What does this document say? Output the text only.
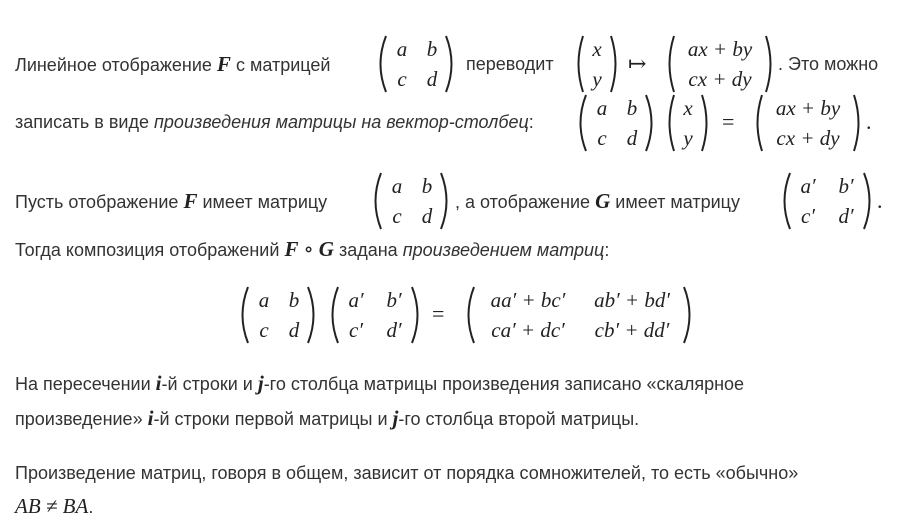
Линейное отображение F с матрицей
a b
c d
переводит
x
y
↦
ax + by
cx + dy
. Это можно
записать в виде произведения матрицы на вектор-столбец:
a b
c d
x
y
=
ax + by
cx + dy
.
Пусть отображение F имеет матрицу
a b
c d
, а отображение G имеет матрицу
a′	b′
c′	d′
.
Тогда композиция отображений F ∘ G задана произведением матриц:
a b
c d
a′	b′
c′	d′
=
aa′ + bc′	ab′ + bd′
ca′ + dc′	cb′ + dd′
На пересечении i-й строки и j-го столбца матрицы произведения записано «скалярное
произведение» i-й строки первой матрицы и j-го столбца второй матрицы.
Произведение матриц, говоря в общем, зависит от порядка сомножителей, то есть «обычно»
AB ≠ BA.
